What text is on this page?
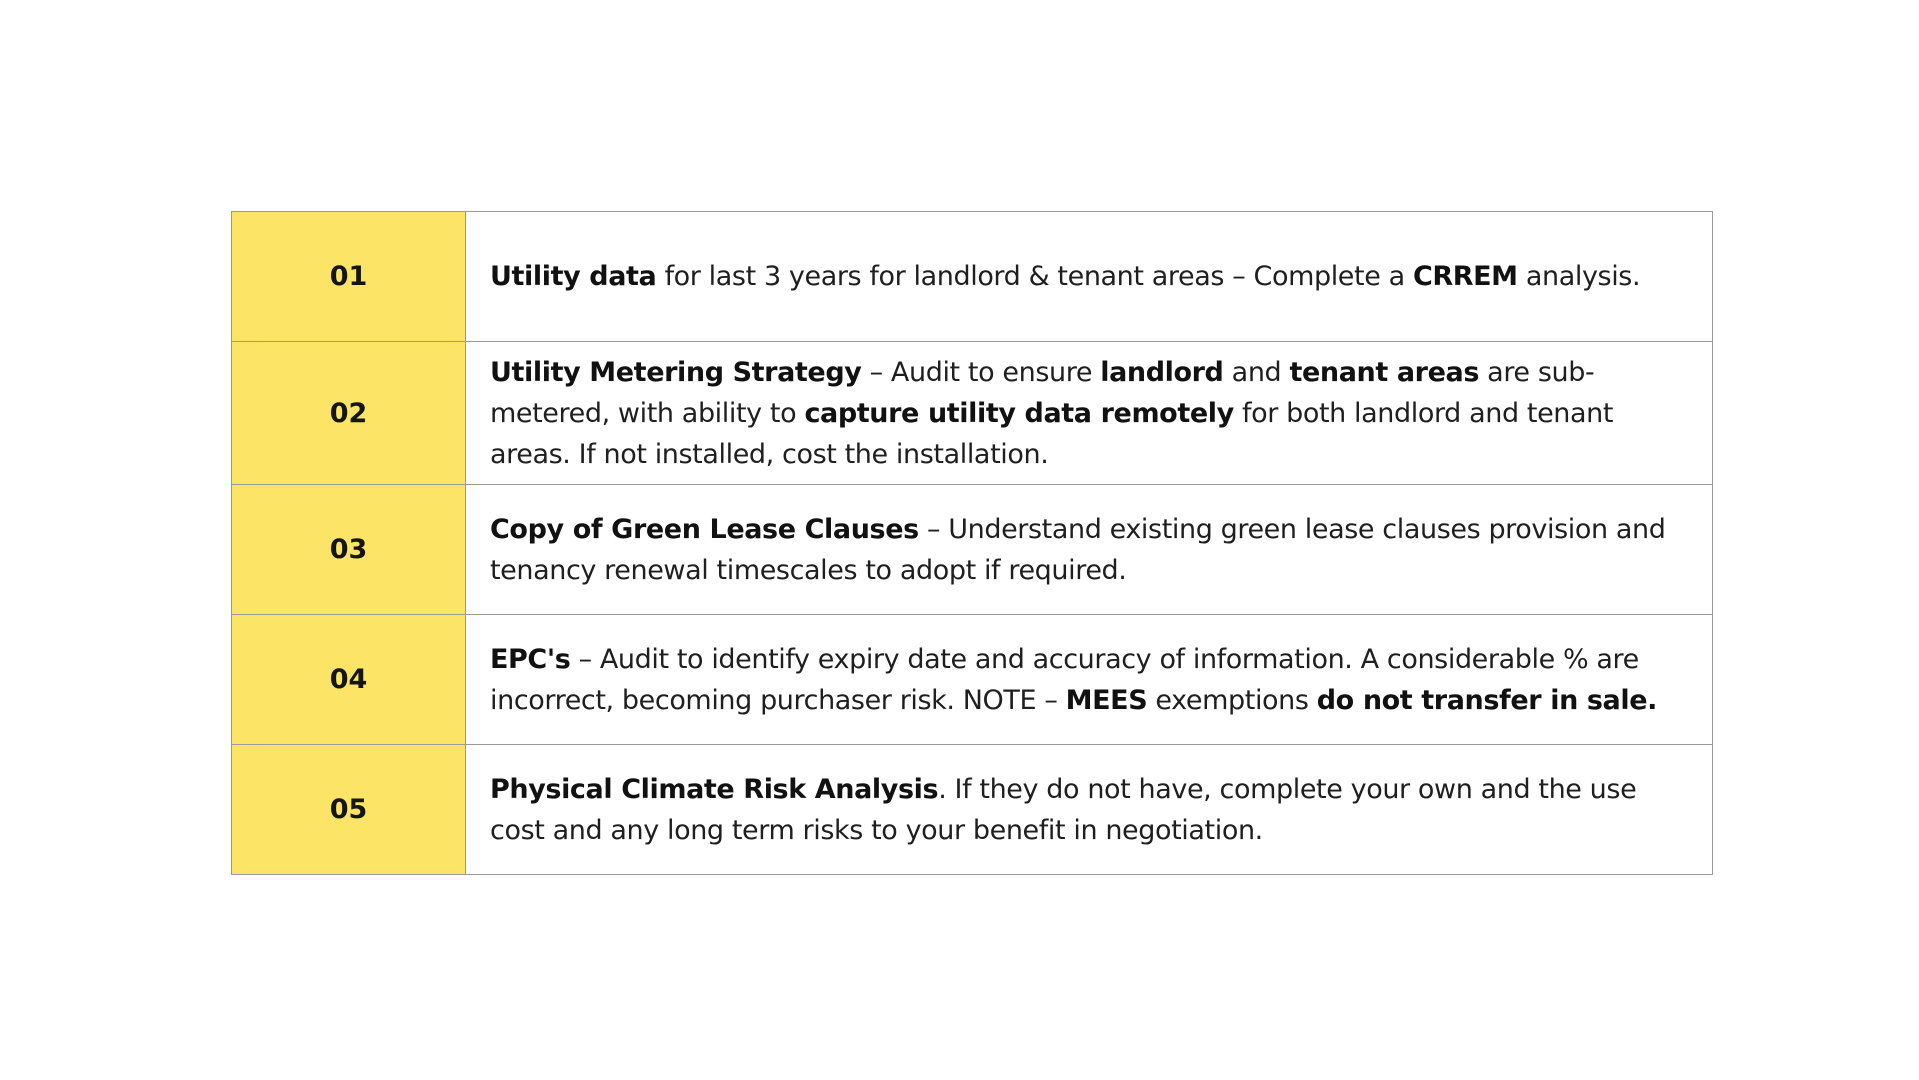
01	Utility data for last 3 years for landlord & tenant areas – Complete a CRREM analysis.
02	Utility Metering Strategy – Audit to ensure landlord and tenant areas are sub-metered, with ability to capture utility data remotely for both landlord and tenant areas. If not installed, cost the installation.
03	Copy of Green Lease Clauses – Understand existing green lease clauses provision and tenancy renewal timescales to adopt if required.
04	EPC's – Audit to identify expiry date and accuracy of information. A considerable % are incorrect, becoming purchaser risk. NOTE – MEES exemptions do not transfer in sale.
05	Physical Climate Risk Analysis. If they do not have, complete your own and the use cost and any long term risks to your benefit in negotiation.
